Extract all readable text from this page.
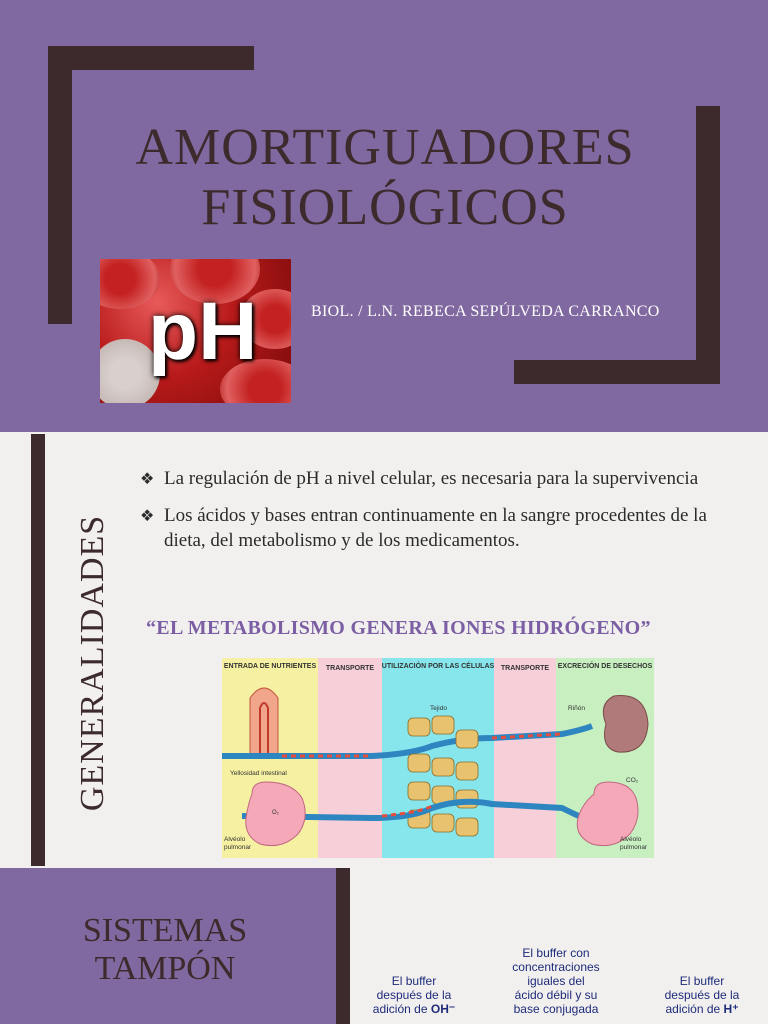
AMORTIGUADORES FISIOLÓGICOS
pH	BIOL. / L.N. REBECA SEPÚLVEDA CARRANCO
GENERALIDADES
❖ La regulación de pH a nivel celular, es necesaria para la supervivencia
❖ Los ácidos y bases entran continuamente en la sangre procedentes de la dieta, del metabolismo y de los medicamentos.
“EL METABOLISMO GENERA IONES HIDRÓGENO”
ENTRADA DE NUTRIENTES TRANSPORTE UTILIZACIÓN POR LAS CÉLULAS TRANSPORTE EXCRECIÓN DE DESECHOS
Yellosidad intestinal
Tejido	Riñón
CO₂
Alvéolo
pulmonar
Alvéolo
pulmonar
O₂
SISTEMAS
TAMPÓN	El buffer
después de la
adición de OH⁻
El buffer con
concentraciones
iguales del
ácido débil y su
base conjugada
El buffer
después de la
adición de H⁺
